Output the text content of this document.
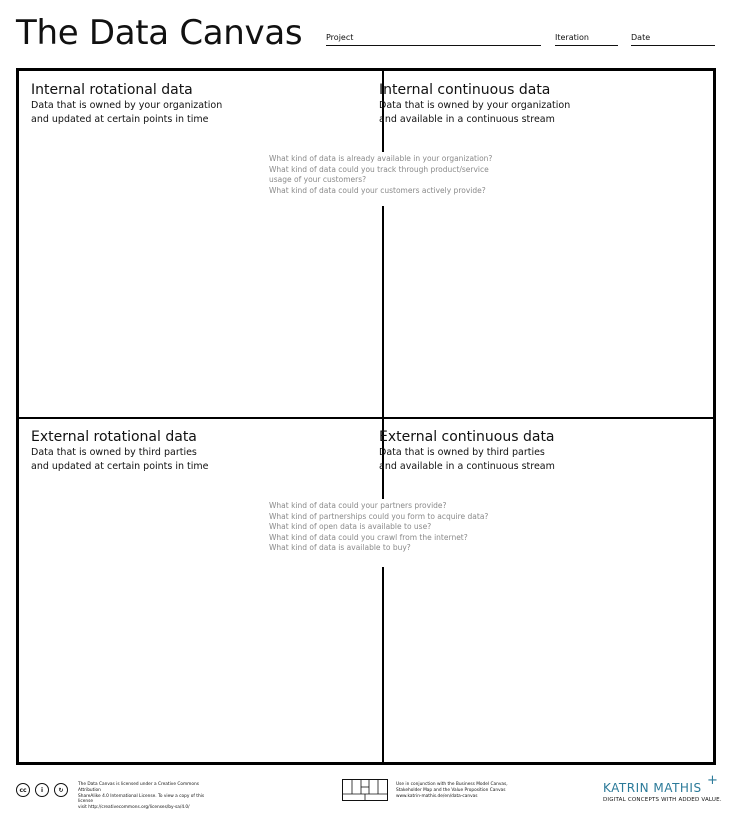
The Data Canvas	Project	Iteration	Date
Internal rotational data

Data that is owned by your organization

and updated at certain points in time

Internal continuous data

Data that is owned by your organization

and available in a continuous stream

External rotational data

Data that is owned by third parties

and updated at certain points in time

External continuous data

Data that is owned by third parties

and available in a continuous stream

What kind of data is already available in your organization?
What kind of data could you track through product/service
usage of your customers?
What kind of data could your customers actively provide?
What kind of data could your partners provide?
What kind of partnerships could you form to acquire data?
What kind of open data is available to use?
What kind of data could you crawl from the internet?
What kind of data is available to buy?
cc	i	↻
The Data Canvas is licensed under a Creative Commons Attribution
ShareAlike 4.0 International License. To view a copy of this license
visit http://creativecommons.org/licenses/by-sa/4.0/
Use in conjunction with the Business Model Canvas,
Stakeholder Map and the Value Proposition Canvas
www.katrin-mathis.de/en/data-canvas
KATRIN MATHIS +
DIGITAL CONCEPTS WITH ADDED VALUE.
